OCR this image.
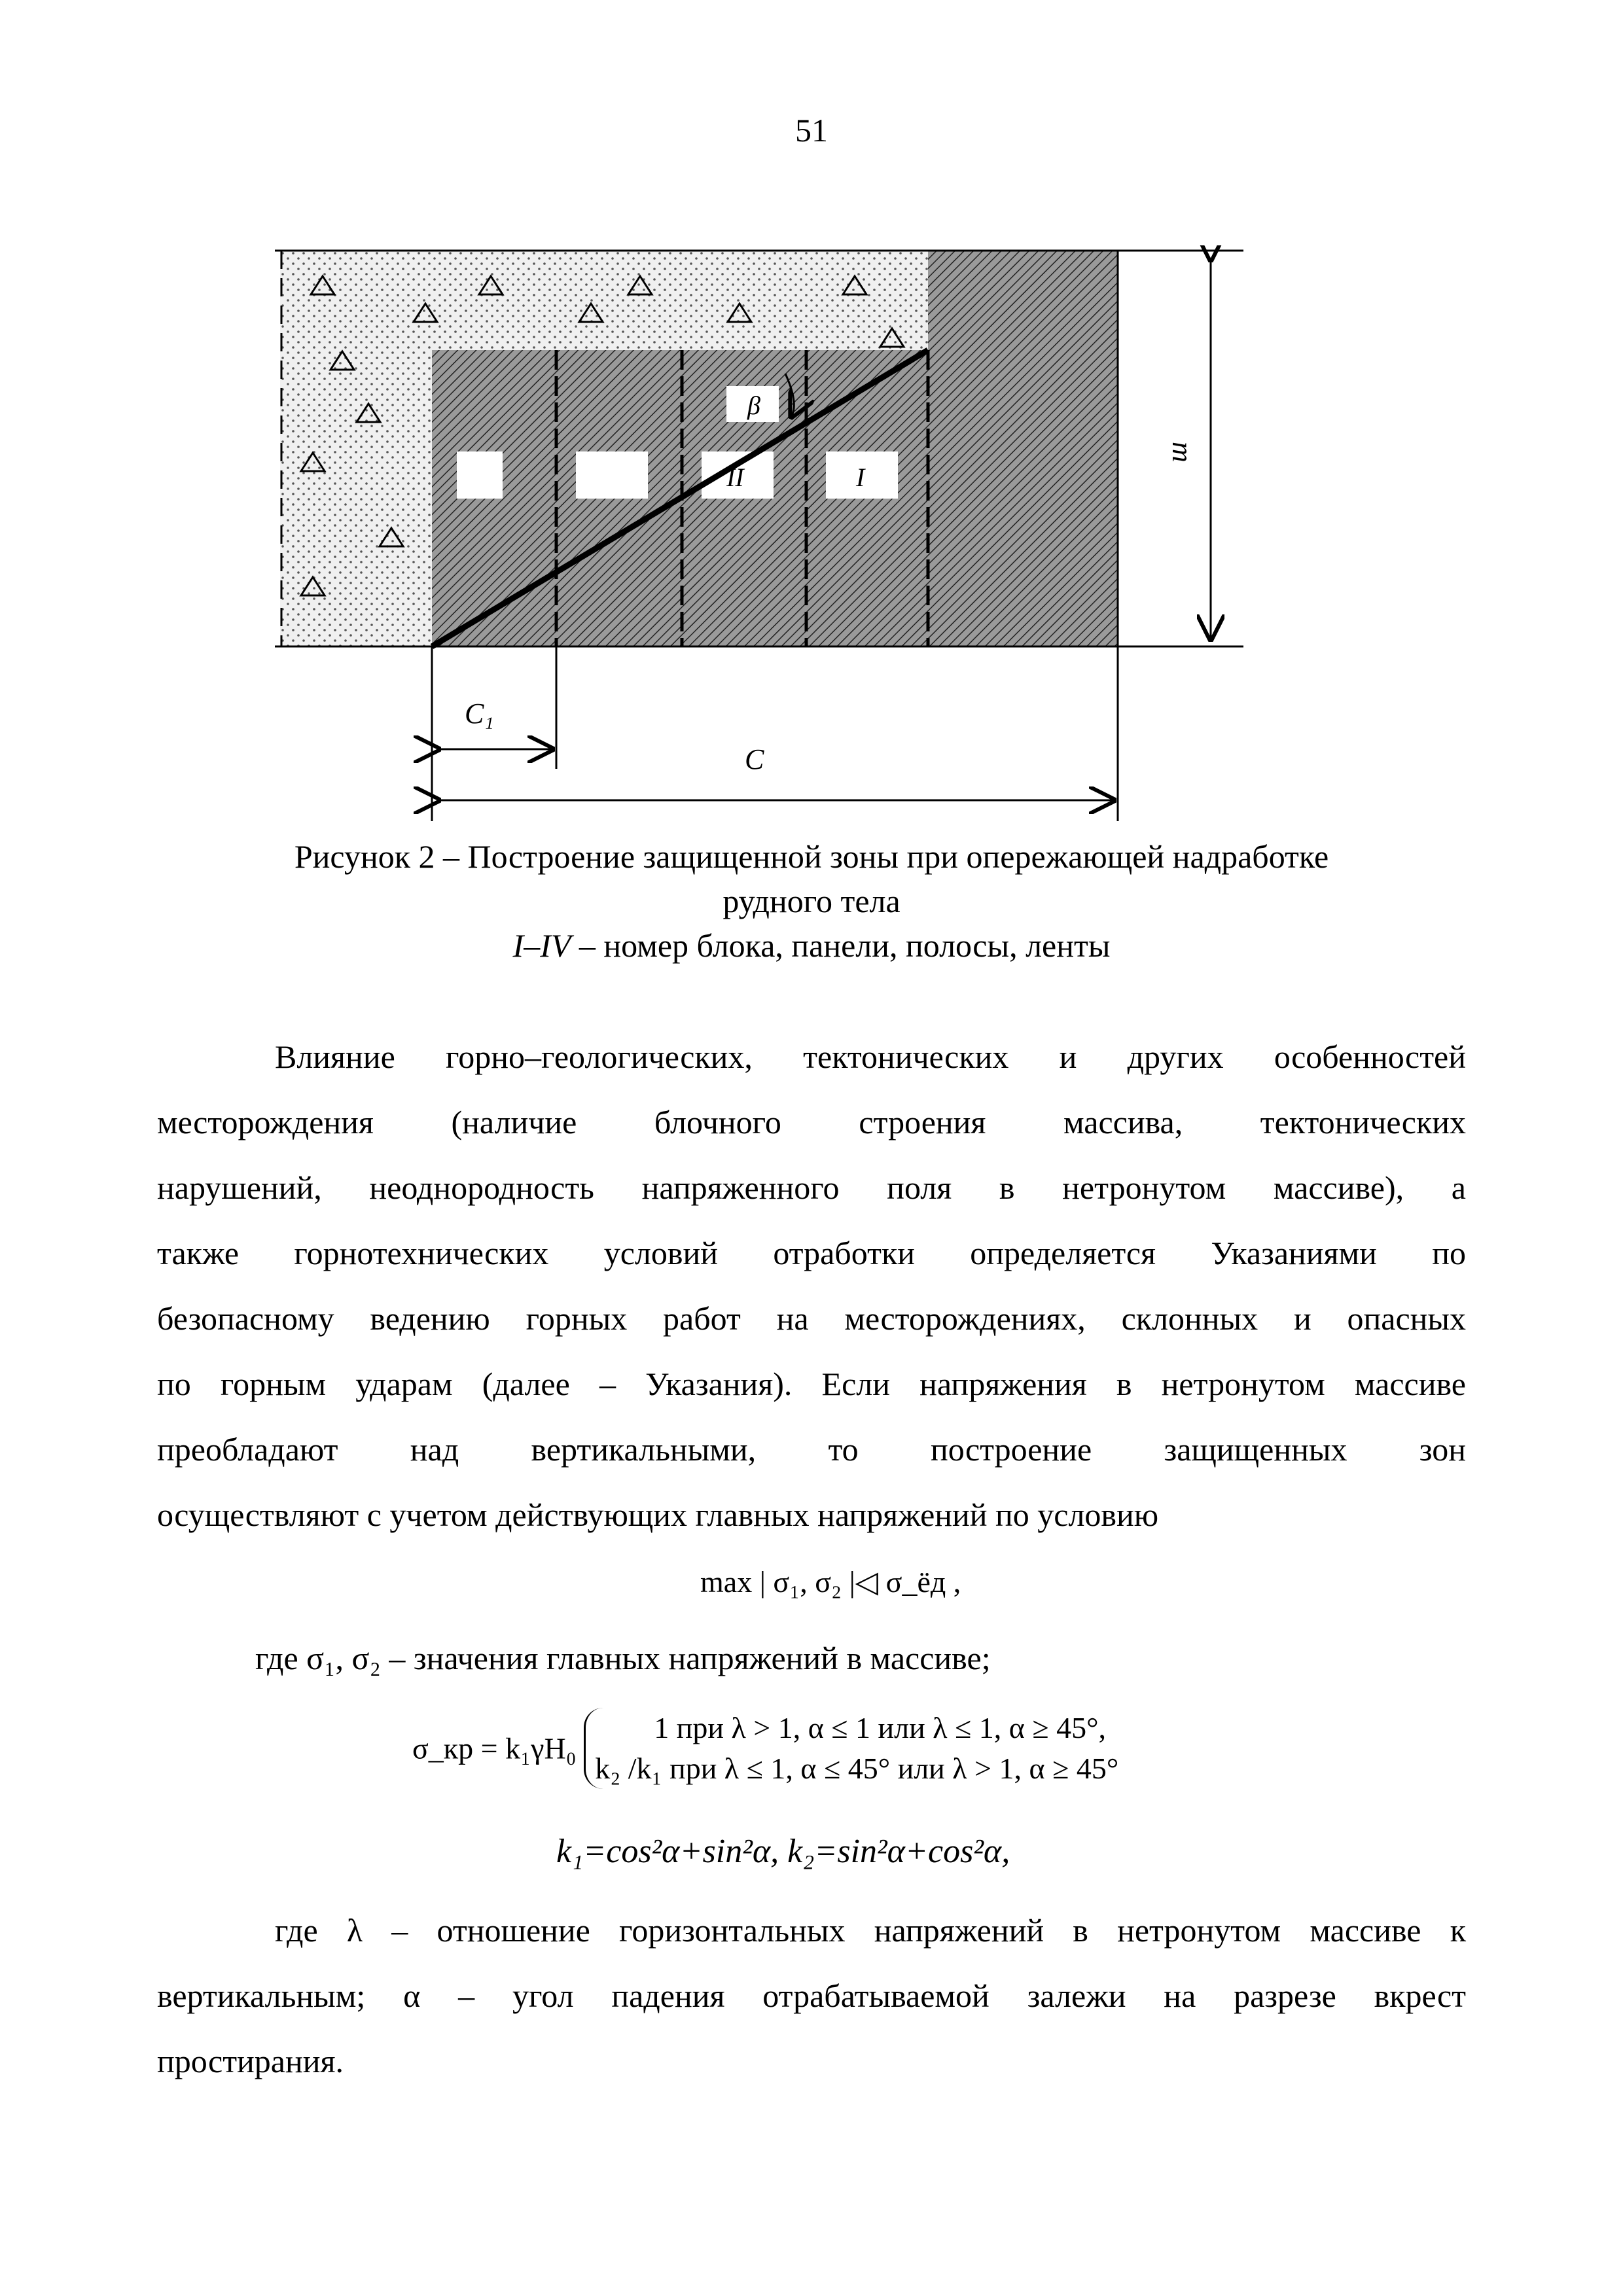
51
β
II	I
m
C₁
C
Рисунок 2 – Построение защищенной зоны при опережающей надработке
рудного тела
I–IV – номер блока, панели, полосы, ленты
Влияние горно–геологических, тектонических и других особенностей
месторождения (наличие блочного строения массива, тектонических
нарушений, неоднородность напряженного поля в нетронутом массиве), а
также горнотехнических условий отработки определяется Указаниями по
безопасному ведению горных работ на месторождениях, склонных и опасных
по горным ударам (далее – Указания). Если напряжения в нетронутом массиве
преобладают над вертикальными, то построение защищенных зон
осуществляют с учетом действующих главных напряжений по условию
max | σ₁, σ₂ |◁ σ_ёд ,
где σ₁, σ₂ – значения главных напряжений в массиве;
σ_кр = k₁γH₀
1 при λ > 1, α ≤ 1 или λ ≤ 1, α ≥ 45°,
k₂ /k₁ при λ ≤ 1, α ≤ 45° или λ > 1, α ≥ 45°
k₁=cos²α+sin²α, k₂=sin²α+cos²α,
где λ – отношение горизонтальных напряжений в нетронутом массиве к
вертикальным; α – угол падения отрабатываемой залежи на разрезе вкрест
простирания.
